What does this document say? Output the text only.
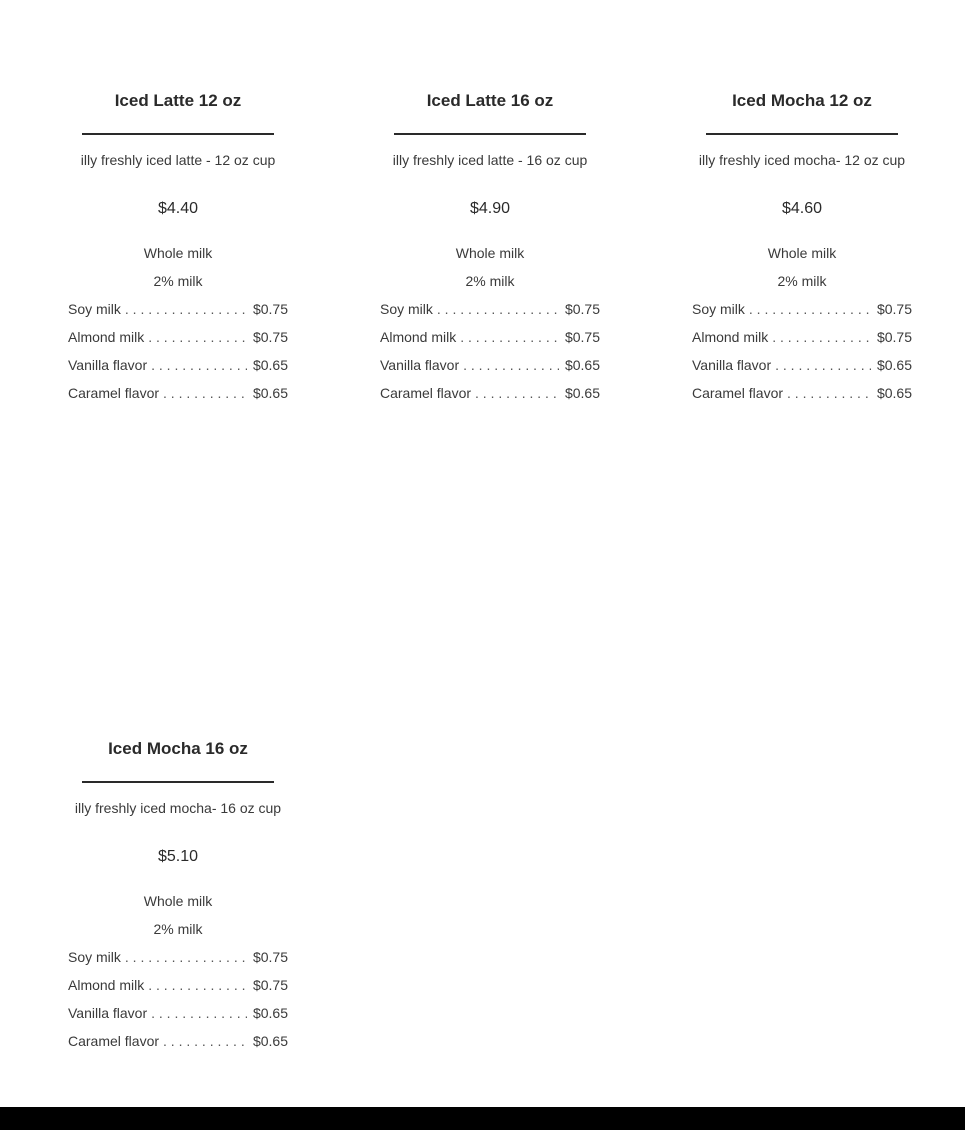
Iced Latte 12 oz
illy freshly iced latte - 12 oz cup
$4.40
Whole milk
2% milk
Soy milk . . .	$0.75
Almond milk . . .	$0.75
Vanilla flavor . . .	$0.65
Caramel flavor . . .	$0.65
Iced Latte 16 oz
illy freshly iced latte - 16 oz cup
$4.90
Whole milk
2% milk
Soy milk . . .	$0.75
Almond milk . . .	$0.75
Vanilla flavor . . .	$0.65
Caramel flavor . . .	$0.65
Iced Mocha 12 oz
illy freshly iced mocha- 12 oz cup
$4.60
Whole milk
2% milk
Soy milk . . .	$0.75
Almond milk . . .	$0.75
Vanilla flavor . . .	$0.65
Caramel flavor . . .	$0.65
Iced Mocha 16 oz
illy freshly iced mocha- 16 oz cup
$5.10
Whole milk
2% milk
Soy milk . . .	$0.75
Almond milk . . .	$0.75
Vanilla flavor . . .	$0.65
Caramel flavor . . .	$0.65
